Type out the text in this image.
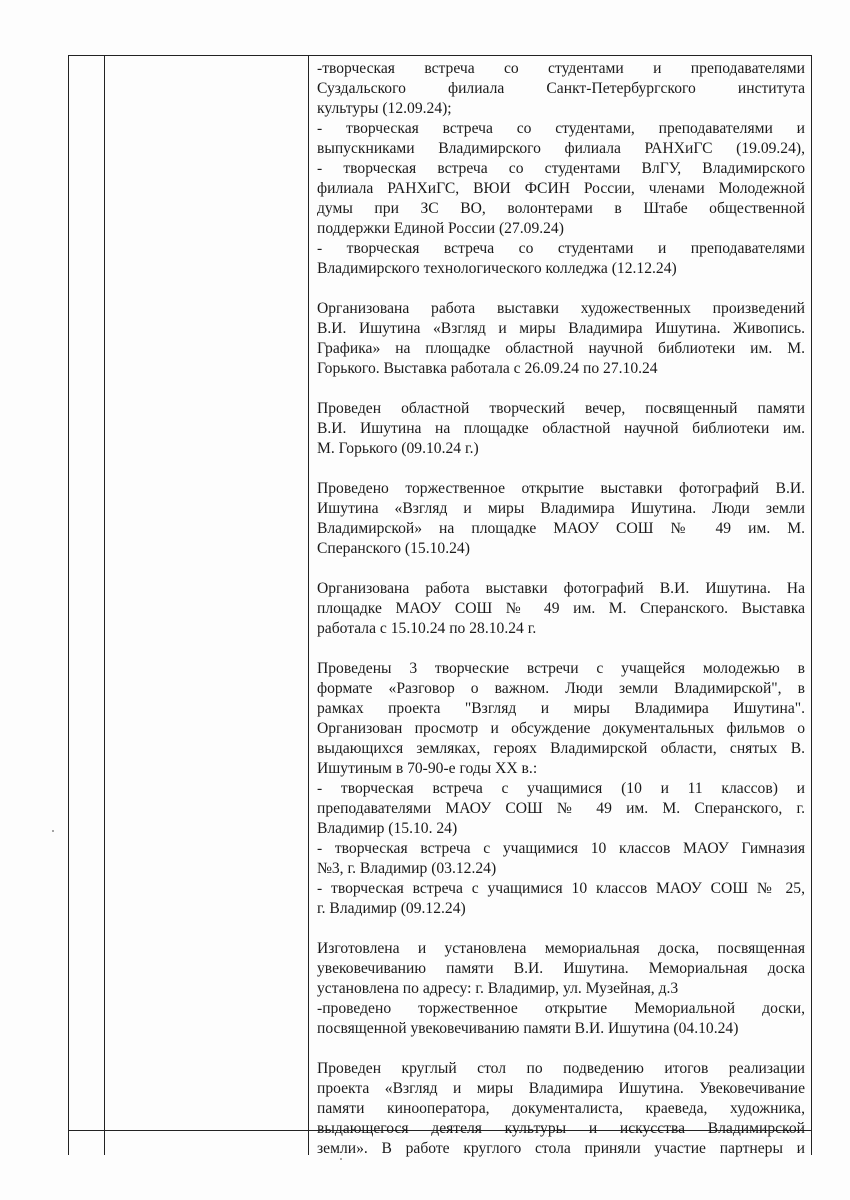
-творческая встреча со студентами и преподавателями
Суздальского филиала Санкт-Петербургского института
культуры (12.09.24);
- творческая встреча со студентами, преподавателями и
выпускниками Владимирского филиала РАНХиГС (19.09.24),
- творческая встреча со студентами ВлГУ, Владимирского
филиала РАНХиГС, ВЮИ ФСИН России, членами Молодежной
думы при ЗС ВО, волонтерами в Штабе общественной
поддержки Единой России (27.09.24)
- творческая встреча со студентами и преподавателями
Владимирского технологического колледжа (12.12.24)
Организована работа выставки художественных произведений
В.И. Ишутина «Взгляд и миры Владимира Ишутина. Живопись.
Графика» на площадке областной научной библиотеки им. М.
Горького. Выставка работала с 26.09.24 по 27.10.24
Проведен областной творческий вечер, посвященный памяти
В.И. Ишутина на площадке областной научной библиотеки им.
М. Горького (09.10.24 г.)
Проведено торжественное открытие выставки фотографий В.И.
Ишутина «Взгляд и миры Владимира Ишутина. Люди земли
Владимирской» на площадке МАОУ СОШ № 49 им. М.
Сперанского (15.10.24)
Организована работа выставки фотографий В.И. Ишутина. На
площадке МАОУ СОШ № 49 им. М. Сперанского. Выставка
работала с 15.10.24 по 28.10.24 г.
Проведены 3 творческие встречи с учащейся молодежью в
формате «Разговор о важном. Люди земли Владимирской", в
рамках проекта "Взгляд и миры Владимира Ишутина".
Организован просмотр и обсуждение документальных фильмов о
выдающихся земляках, героях Владимирской области, снятых В.
Ишутиным в 70-90-е годы XX в.:
- творческая встреча с учащимися (10 и 11 классов) и
преподавателями МАОУ СОШ № 49 им. М. Сперанского, г.
Владимир (15.10. 24)
- творческая встреча с учащимися 10 классов МАОУ Гимназия
№3, г. Владимир (03.12.24)
- творческая встреча с учащимися 10 классов МАОУ СОШ № 25,
г. Владимир (09.12.24)
Изготовлена и установлена мемориальная доска, посвященная
увековечиванию памяти В.И. Ишутина. Мемориальная доска
установлена по адресу: г. Владимир, ул. Музейная, д.3
-проведено торжественное открытие Мемориальной доски,
посвященной увековечиванию памяти В.И. Ишутина (04.10.24)
Проведен круглый стол по подведению итогов реализации
проекта «Взгляд и миры Владимира Ишутина. Увековечивание
памяти кинооператора, документалиста, краеведа, художника,
выдающегося деятеля культуры и искусства Владимирской
земли». В работе круглого стола приняли участие партнеры и
